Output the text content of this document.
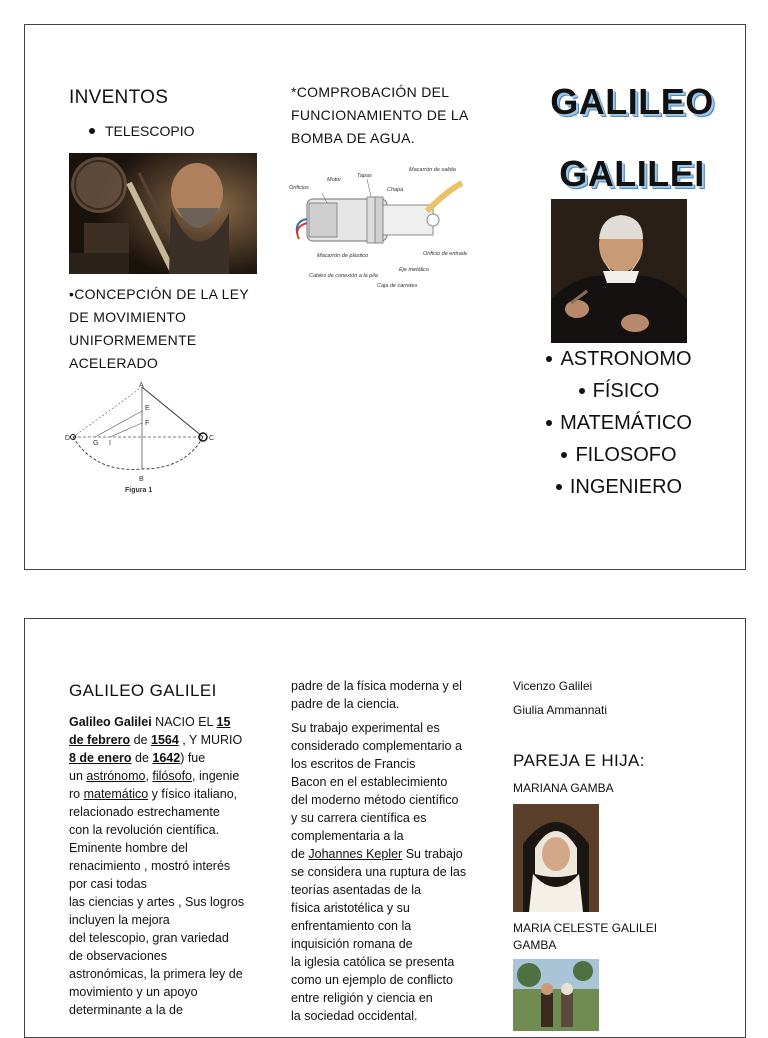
INVENTOS
TELESCOPIO
*COMPROBACIÓN DEL
FUNCIONAMIENTO DE LA
BOMBA DE AGUA.
Tapas
Motor
Orificios	Chapa
Macarrón de salida
Macarrón de plástico	Orificio de entrada
Cables de conexión a la pila
Eje metálico
Caja de carretes
•CONCEPCIÓN DE LA LEY
DE MOVIMIENTO
UNIFORMEMENTE
ACELERADO
A
E
F
D
G I
C
B
Figura 1
GALILEO
GALILEI
ASTRONOMO
FÍSICO
MATEMÁTICO
FILOSOFO
INGENIERO
GALILEO GALILEI
Galileo Galilei NACIO EL 15
de febrero de 1564 , Y MURIO
8 de enero de 1642) fue
un astrónomo, filósofo, ingenie
ro matemático y físico italiano,
relacionado estrechamente
con la revolución científica.
Eminente hombre del
renacimiento , mostró interés
por casi todas
las ciencias y artes , Sus logros
incluyen la mejora
del telescopio, gran variedad
de observaciones
astronómicas, la primera ley de
movimiento y un apoyo
determinante a la de
padre de la física moderna y el
padre de la ciencia.
Su trabajo experimental es
considerado complementario a
los escritos de Francis
Bacon en el establecimiento
del moderno método científico
y su carrera científica es
complementaria a la
de Johannes Kepler Su trabajo
se considera una ruptura de las
teorías asentadas de la
física aristotélica y su
enfrentamiento con la
inquisición romana de
la iglesia católica se presenta
como un ejemplo de conflicto
entre religión y ciencia en
la sociedad occidental.
Vicenzo Galilei
Giulia Ammannati
PAREJA E HIJA:
MARIANA GAMBA
MARIA CELESTE GALILEI
GAMBA
